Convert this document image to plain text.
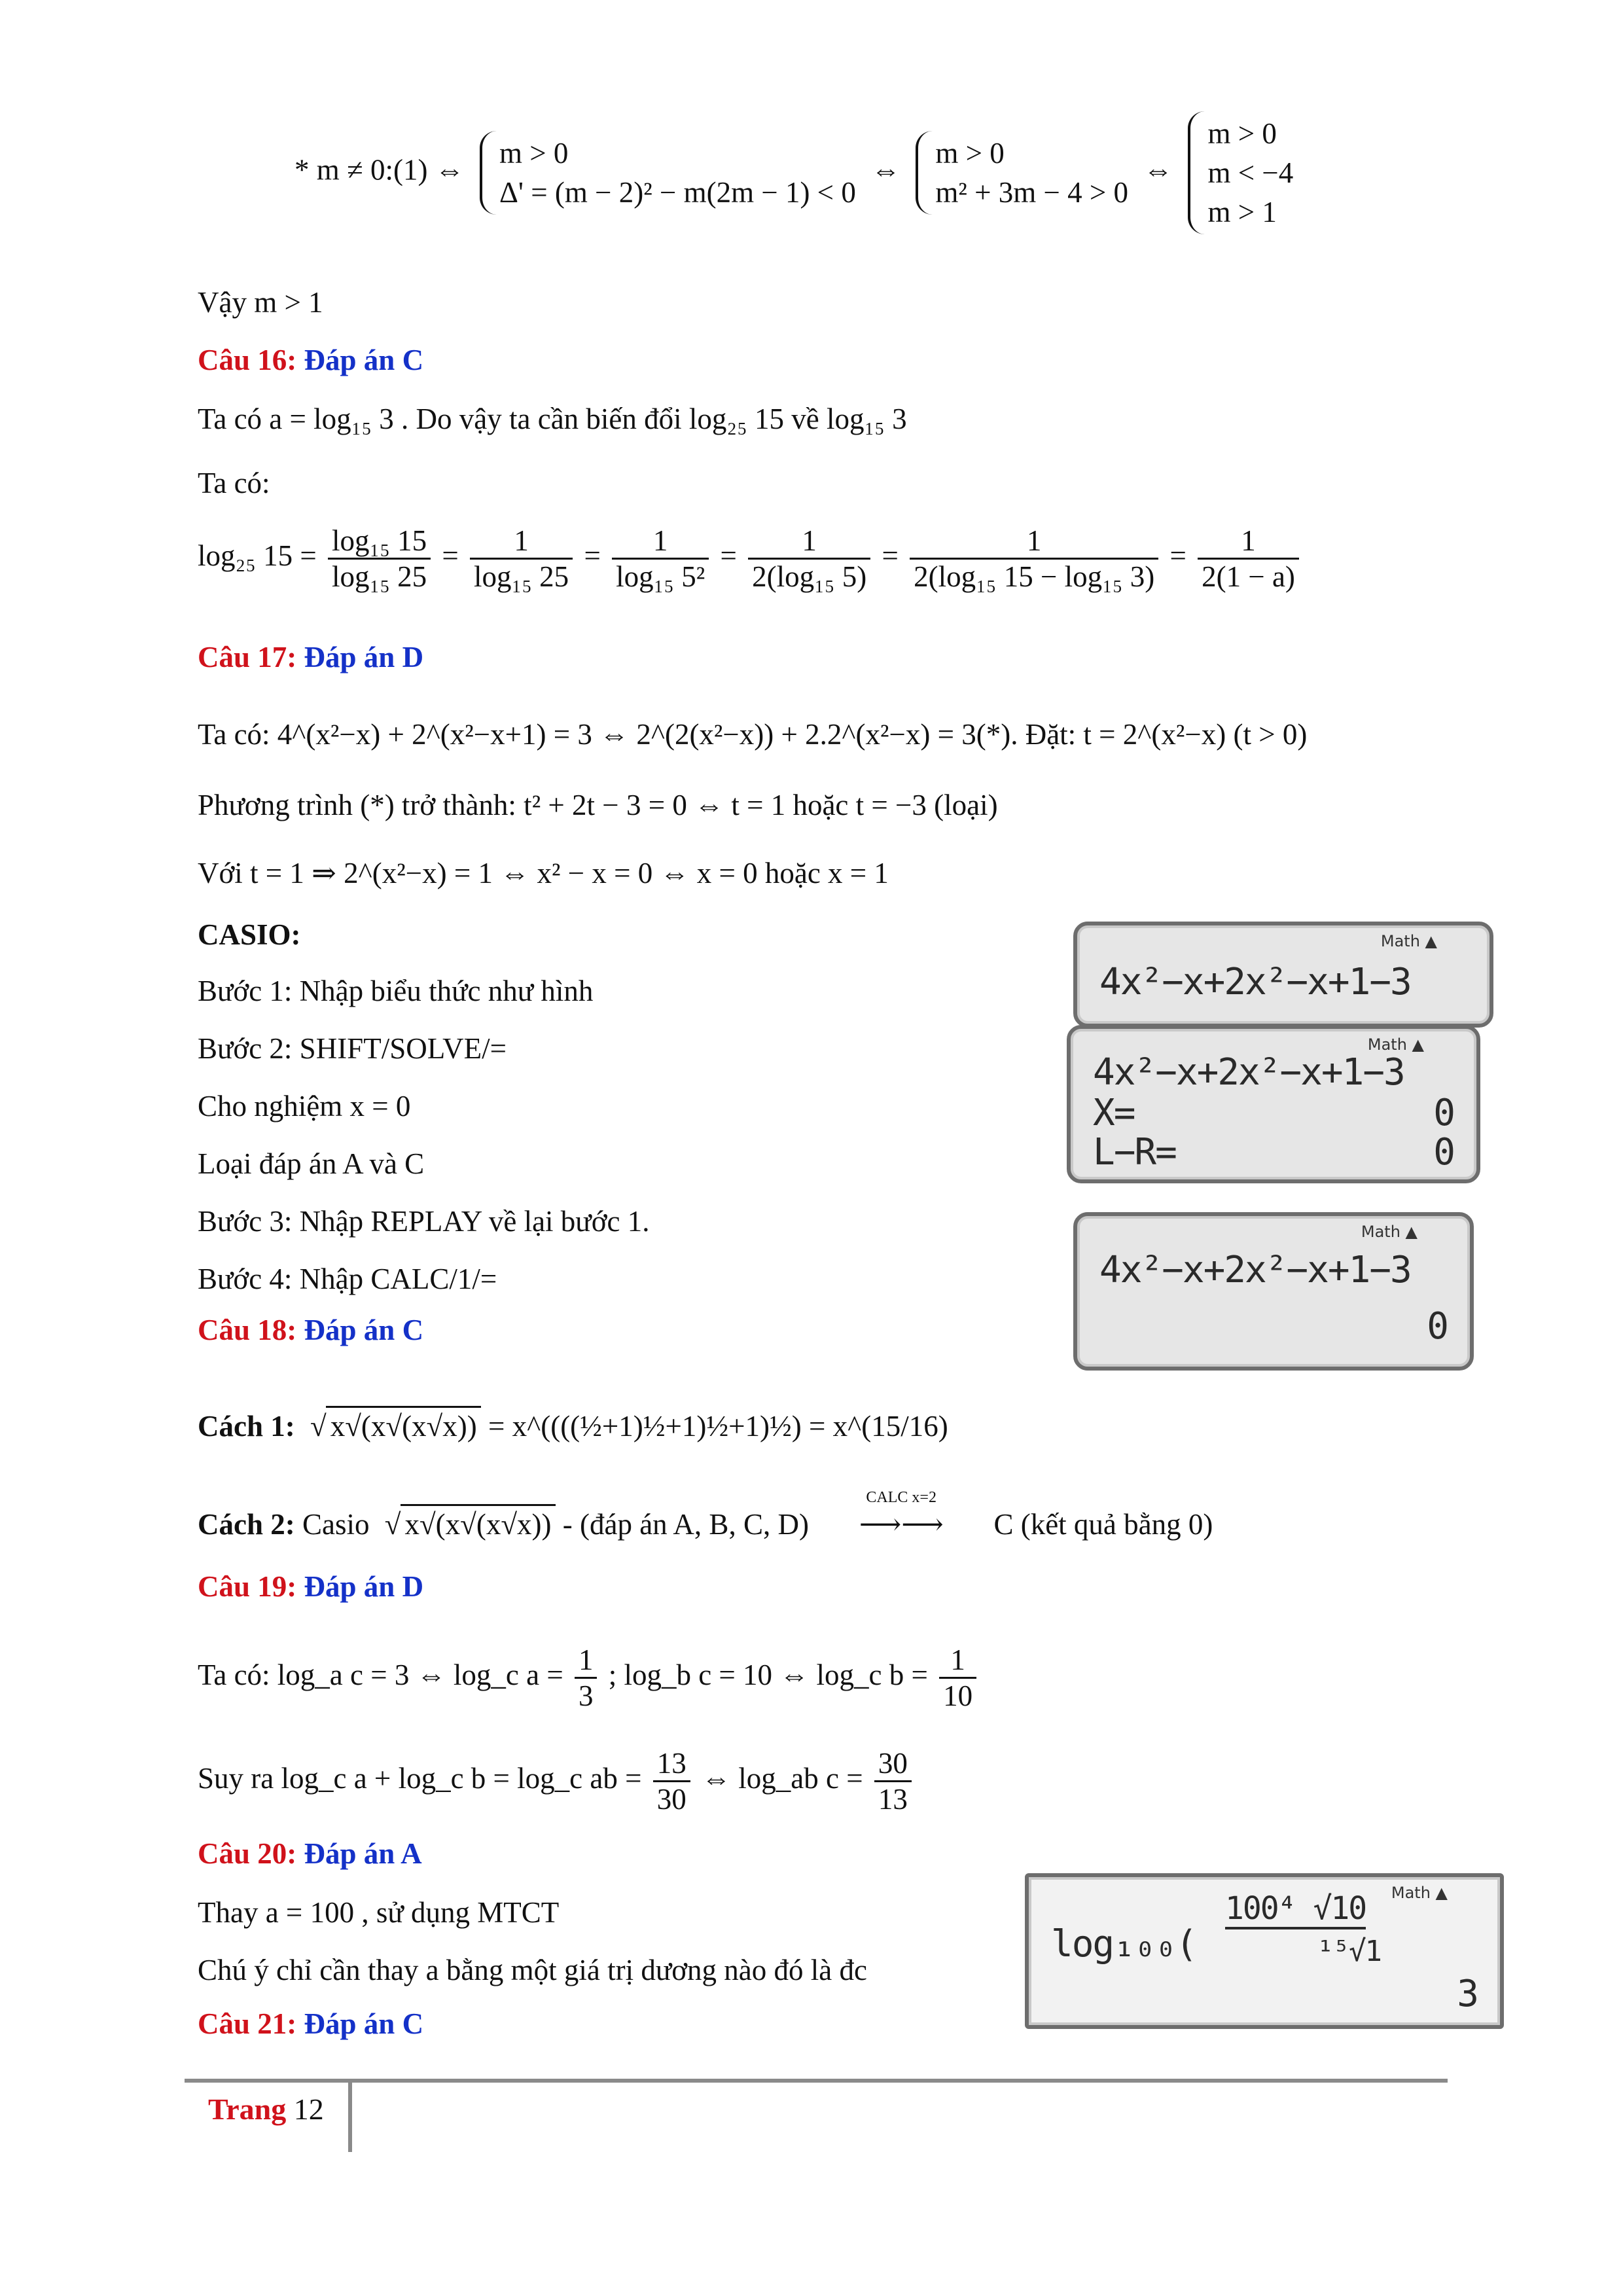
* m ≠ 0:(1) ⇔
m > 0
Δ' = (m − 2)² − m(2m − 1) < 0
⇔
m > 0
m² + 3m − 4 > 0
⇔
m > 0
m < −4
m > 1
Vậy m > 1
Câu 16: Đáp án C
Ta có a = log₁₅ 3 . Do vậy ta cần biến đổi log₂₅ 15 về log₁₅ 3
Ta có:
log₂₅ $15 = \frac{\text{log₁₅ 15}}{\text{log₁₅ 25}} = \frac{1}{\text{log₁₅ 25}} = \frac{1}{\text{log₁₅ 5²}} = \frac{1}{\text{2(log₁₅ 5)}} = \frac{1}{\text{2(log₁₅ 15 − log₁₅ 3)}} = \frac{1}{2(1 - a)}$
Câu 17: Đáp án D
Ta có: 4^(x²−x) + 2^(x²−x+1) = 3 ⇔ 2^(2(x²−x)) + 2.2^(x²−x) = 3(*). Đặt: t = 2^(x²−x) (t > 0)
Phương trình (*) trở thành: t² + 2t − 3 = 0 ⇔ t = 1 hoặc t = −3 (loại)
Với t = 1 ⇒ 2^(x²−x) = 1 ⇔ x² − x = 0 ⇔ x = 0 hoặc x = 1
CASIO:
Bước 1: Nhập biểu thức như hình
Bước 2: SHIFT/SOLVE/=
Cho nghiệm x = 0
Loại đáp án A và C
Bước 3: Nhập REPLAY về lại bước 1.
Bước 4: Nhập CALC/1/=
Math ▲
4x²−x+2x²−x+1−3
Math ▲
4x²−x+2x²−x+1−3
X=	0
L−R=	0
Math ▲
4x²−x+2x²−x+1−3
0
Câu 18: Đáp án C
Cách 1: √ x√(x√(x√x)) = x^((((½+1)½+1)½+1)½) = x^(15/16)
Cách 2: Casio √ x√(x√(x√x)) - (đáp án A, B, C, D)
CALC x=2
⟶⟶ C (kết quả bằng 0)
Câu 19: Đáp án D
Ta có: log_a c = 3 ⇔ log_c $a = \frac{1}{3}$ ; log_b c = 10 ⇔ log_c $b = \frac{1}{10}$
Suy ra log_c a + log_c b = log_c ab = $\frac{13}{30}$ ⇔ log_ab $c = \frac{30}{13}$
Câu 20: Đáp án A
Thay a = 100 , sử dụng MTCT
Chú ý chỉ cần thay a bằng một giá trị dương nào đó là đc
Math ▲
log₁₀₀(
100⁴ √10
¹⁵√1
3
Câu 21: Đáp án C
Trang 12
